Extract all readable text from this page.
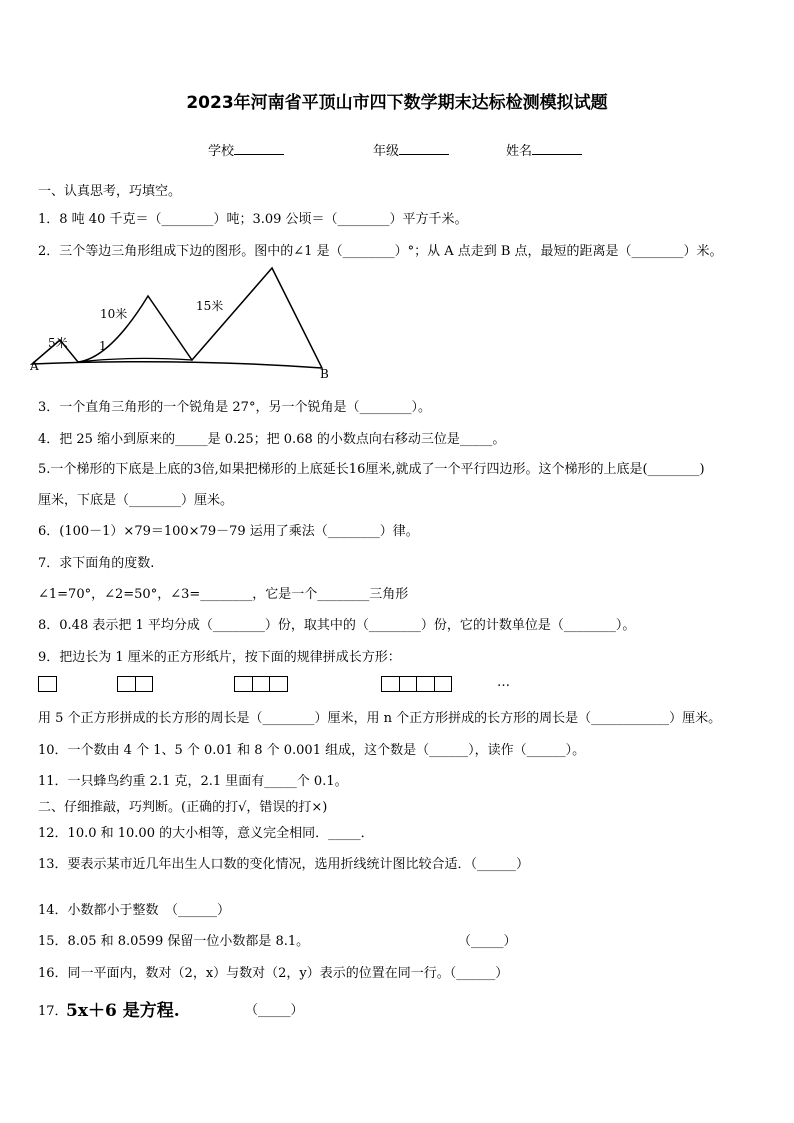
2023年河南省平顶山市四下数学期末达标检测模拟试题
学校	年级	姓名
一、认真思考，巧填空。
1．8 吨 40 千克＝（________）吨；3.09 公顷＝（________）平方千米。
2．三个等边三角形组成下边的图形。图中的∠1 是（________）°；从 A 点走到 B 点，最短的距离是（________）米。
5米
10米
15米
1
A
B
3．一个直角三角形的一个锐角是 27°，另一个锐角是（________）。
4．把 25 缩小到原来的_____是 0.25；把 0.68 的小数点向右移动三位是_____。
5.一个梯形的下底是上底的3倍,如果把梯形的上底延长16厘米,就成了一个平行四边形。这个梯形的上底是(________)
厘米，下底是（________）厘米。
6．(100－1）×79＝100×79－79 运用了乘法（________）律。
7．求下面角的度数.
∠1=70°，∠2=50°，∠3=________，它是一个________三角形
8．0.48 表示把 1 平均分成（________）份，取其中的（________）份，它的计数单位是（________）。
9．把边长为 1 厘米的正方形纸片，按下面的规律拼成长方形：
…
用 5 个正方形拼成的长方形的周长是（________）厘米，用 n 个正方形拼成的长方形的周长是（____________）厘米。
10．一个数由 4 个 1、5 个 0.01 和 8 个 0.001 组成，这个数是（______），读作（______）。
11．一只蜂鸟约重 2.1 克，2.1 里面有_____个 0.1。
二、仔细推敲，巧判断。(正确的打√，错误的打×)
12．10.0 和 10.00 的大小相等，意义完全相同．_____．
13．要表示某市近几年出生人口数的变化情况，选用折线统计图比较合适．（______）
14．小数都小于整数　（______）
15．8.05 和 8.0599 保留一位小数都是 8.1。	（_____）
16．同一平面内，数对（2，x）与数对（2，y）表示的位置在同一行。（______）
17．
5x＋6 是方程.	（_____）
